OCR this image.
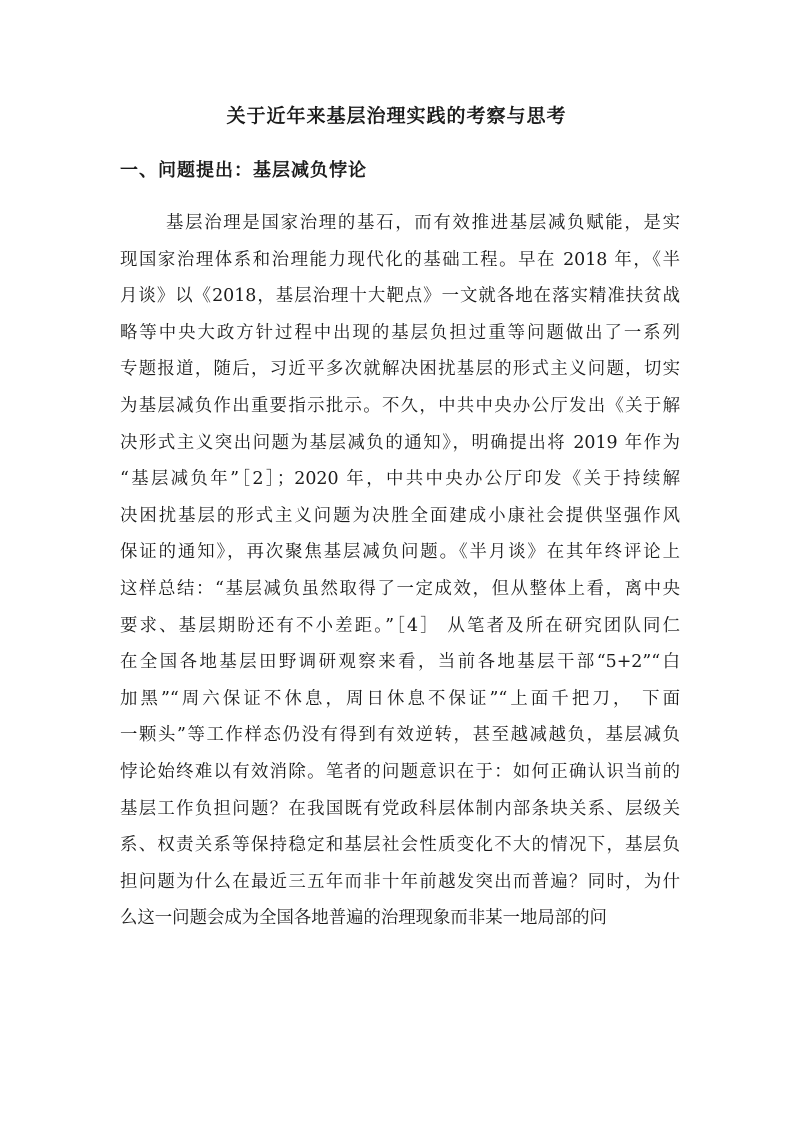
关于近年来基层治理实践的考察与思考
一、问题提出：基层减负悖论
基层治理是国家治理的基石，而有效推进基层减负赋能，是实
现国家治理体系和治理能力现代化的基础工程。早在 2018 年，《半
月谈》以《2018，基层治理十大靶点》一文就各地在落实精准扶贫战
略等中央大政方针过程中出现的基层负担过重等问题做出了一系列
专题报道，随后，习近平多次就解决困扰基层的形式主义问题，切实
为基层减负作出重要指示批示。不久，中共中央办公厅发出《关于解
决形式主义突出问题为基层减负的通知》，明确提出将 2019 年作为
“基层减负年”［2］；2020 年，中共中央办公厅印发《关于持续解
决困扰基层的形式主义问题为决胜全面建成小康社会提供坚强作风
保证的通知》，再次聚焦基层减负问题。《半月谈》在其年终评论上
这样总结：“基层减负虽然取得了一定成效，但从整体上看，离中央
要求、基层期盼还有不小差距。”［4］ 从笔者及所在研究团队同仁
在全国各地基层田野调研观察来看，当前各地基层干部“5+2”“白
加黑”“周六保证不休息，周日休息不保证”“上面千把刀， 下面
一颗头”等工作样态仍没有得到有效逆转，甚至越减越负，基层减负
悖论始终难以有效消除。笔者的问题意识在于：如何正确认识当前的
基层工作负担问题？在我国既有党政科层体制内部条块关系、层级关
系、权责关系等保持稳定和基层社会性质变化不大的情况下，基层负
担问题为什么在最近三五年而非十年前越发突出而普遍？同时，为什
么这一问题会成为全国各地普遍的治理现象而非某一地局部的问
